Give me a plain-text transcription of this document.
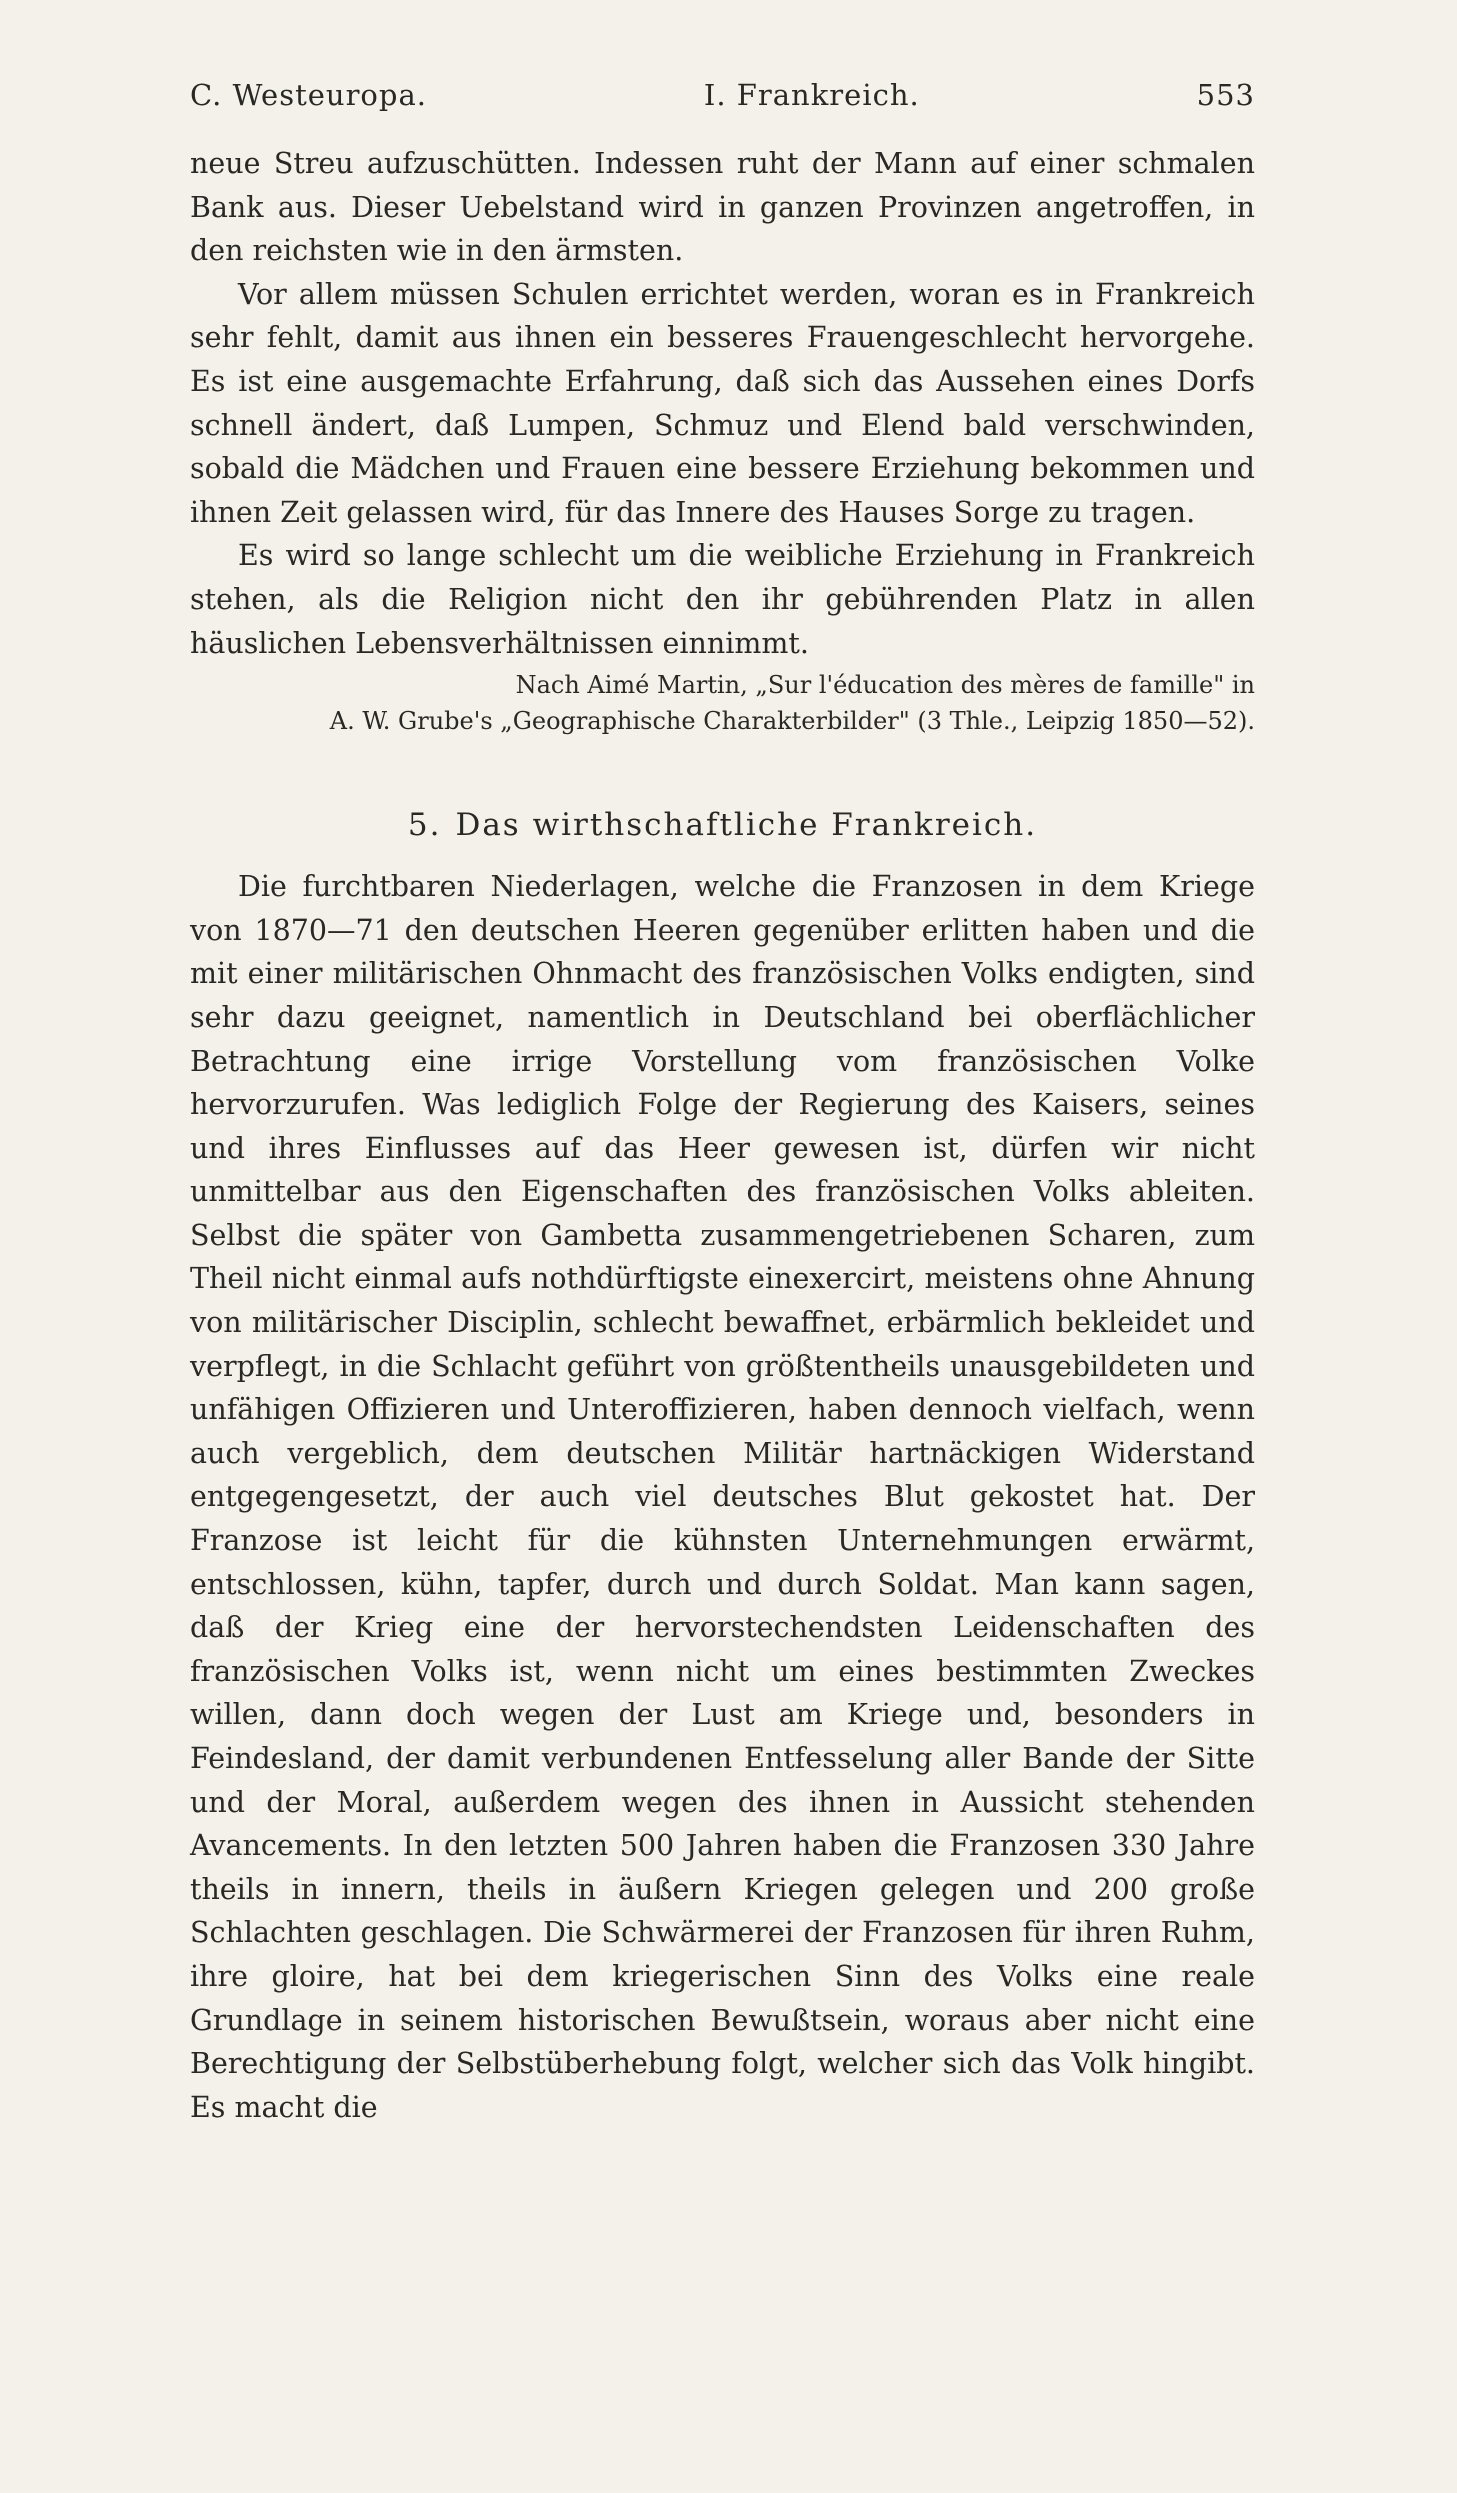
C. Westeuropa.	I. Frankreich.	553

neue Streu aufzuschütten. Indessen ruht der Mann auf einer schmalen Bank aus. Dieser Uebelstand wird in ganzen Provinzen angetroffen, in den reichsten wie in den ärmsten.

Vor allem müssen Schulen errichtet werden, woran es in Frankreich sehr fehlt, damit aus ihnen ein besseres Frauengeschlecht hervorgehe. Es ist eine ausgemachte Erfahrung, daß sich das Aussehen eines Dorfs schnell ändert, daß Lumpen, Schmuz und Elend bald verschwinden, sobald die Mädchen und Frauen eine bessere Erziehung bekommen und ihnen Zeit gelassen wird, für das Innere des Hauses Sorge zu tragen.

Es wird so lange schlecht um die weibliche Erziehung in Frankreich stehen, als die Religion nicht den ihr gebührenden Platz in allen häuslichen Lebensverhältnissen einnimmt.

Nach Aimé Martin, „Sur l'éducation des mères de famille" in
A. W. Grube's „Geographische Charakterbilder" (3 Thle., Leipzig 1850—52).
5. Das wirthschaftliche Frankreich.

Die furchtbaren Niederlagen, welche die Franzosen in dem Kriege von 1870—71 den deutschen Heeren gegenüber erlitten haben und die mit einer militärischen Ohnmacht des französischen Volks endigten, sind sehr dazu geeignet, namentlich in Deutschland bei oberflächlicher Betrachtung eine irrige Vorstellung vom französischen Volke hervorzurufen. Was lediglich Folge der Regierung des Kaisers, seines und ihres Einflusses auf das Heer gewesen ist, dürfen wir nicht unmittelbar aus den Eigenschaften des französischen Volks ableiten. Selbst die später von Gambetta zusammengetriebenen Scharen, zum Theil nicht einmal aufs nothdürftigste einexercirt, meistens ohne Ahnung von militärischer Disciplin, schlecht bewaffnet, erbärmlich bekleidet und verpflegt, in die Schlacht geführt von größtentheils unausgebildeten und unfähigen Offizieren und Unteroffizieren, haben dennoch vielfach, wenn auch vergeblich, dem deutschen Militär hartnäckigen Widerstand entgegengesetzt, der auch viel deutsches Blut gekostet hat. Der Franzose ist leicht für die kühnsten Unternehmungen erwärmt, entschlossen, kühn, tapfer, durch und durch Soldat. Man kann sagen, daß der Krieg eine der hervorstechendsten Leidenschaften des französischen Volks ist, wenn nicht um eines bestimmten Zweckes willen, dann doch wegen der Lust am Kriege und, besonders in Feindesland, der damit verbundenen Entfesselung aller Bande der Sitte und der Moral, außerdem wegen des ihnen in Aussicht stehenden Avancements. In den letzten 500 Jahren haben die Franzosen 330 Jahre theils in innern, theils in äußern Kriegen gelegen und 200 große Schlachten geschlagen. Die Schwärmerei der Franzosen für ihren Ruhm, ihre gloire, hat bei dem kriegerischen Sinn des Volks eine reale Grundlage in seinem historischen Bewußtsein, woraus aber nicht eine Berechtigung der Selbstüberhebung folgt, welcher sich das Volk hingibt. Es macht die
